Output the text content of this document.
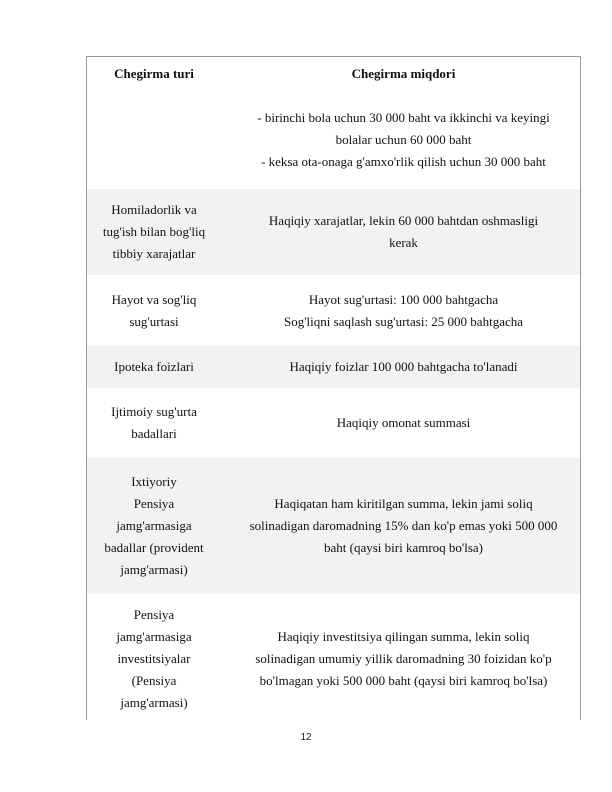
Chegirma turi	Chegirma miqdori
- birinchi bola uchun 30 000 baht va ikkinchi va keyingi
bolalar uchun 60 000 baht
- keksa ota-onaga g'amxo'rlik qilish uchun 30 000 baht
Homiladorlik va
tug'ish bilan bog'liq
tibbiy xarajatlar
Haqiqiy xarajatlar, lekin 60 000 bahtdan oshmasligi
kerak
Hayot va sog'liq
sug'urtasi
Hayot sug'urtasi: 100 000 bahtgacha
Sog'liqni saqlash sug'urtasi: 25 000 bahtgacha
Ipoteka foizlari	Haqiqiy foizlar 100 000 bahtgacha to'lanadi
Ijtimoiy sug'urta
badallari
Haqiqiy omonat summasi
Ixtiyoriy
Pensiya
jamg'armasiga
badallar (provident
jamg'armasi)
Haqiqatan ham kiritilgan summa, lekin jami soliq
solinadigan daromadning 15% dan ko'p emas yoki 500 000
baht (qaysi biri kamroq bo'lsa)
Pensiya
jamg'armasiga
investitsiyalar
(Pensiya
jamg'armasi)
Haqiqiy investitsiya qilingan summa, lekin soliq
solinadigan umumiy yillik daromadning 30 foizidan ko'p
bo'lmagan yoki 500 000 baht (qaysi biri kamroq bo'lsa)
12
